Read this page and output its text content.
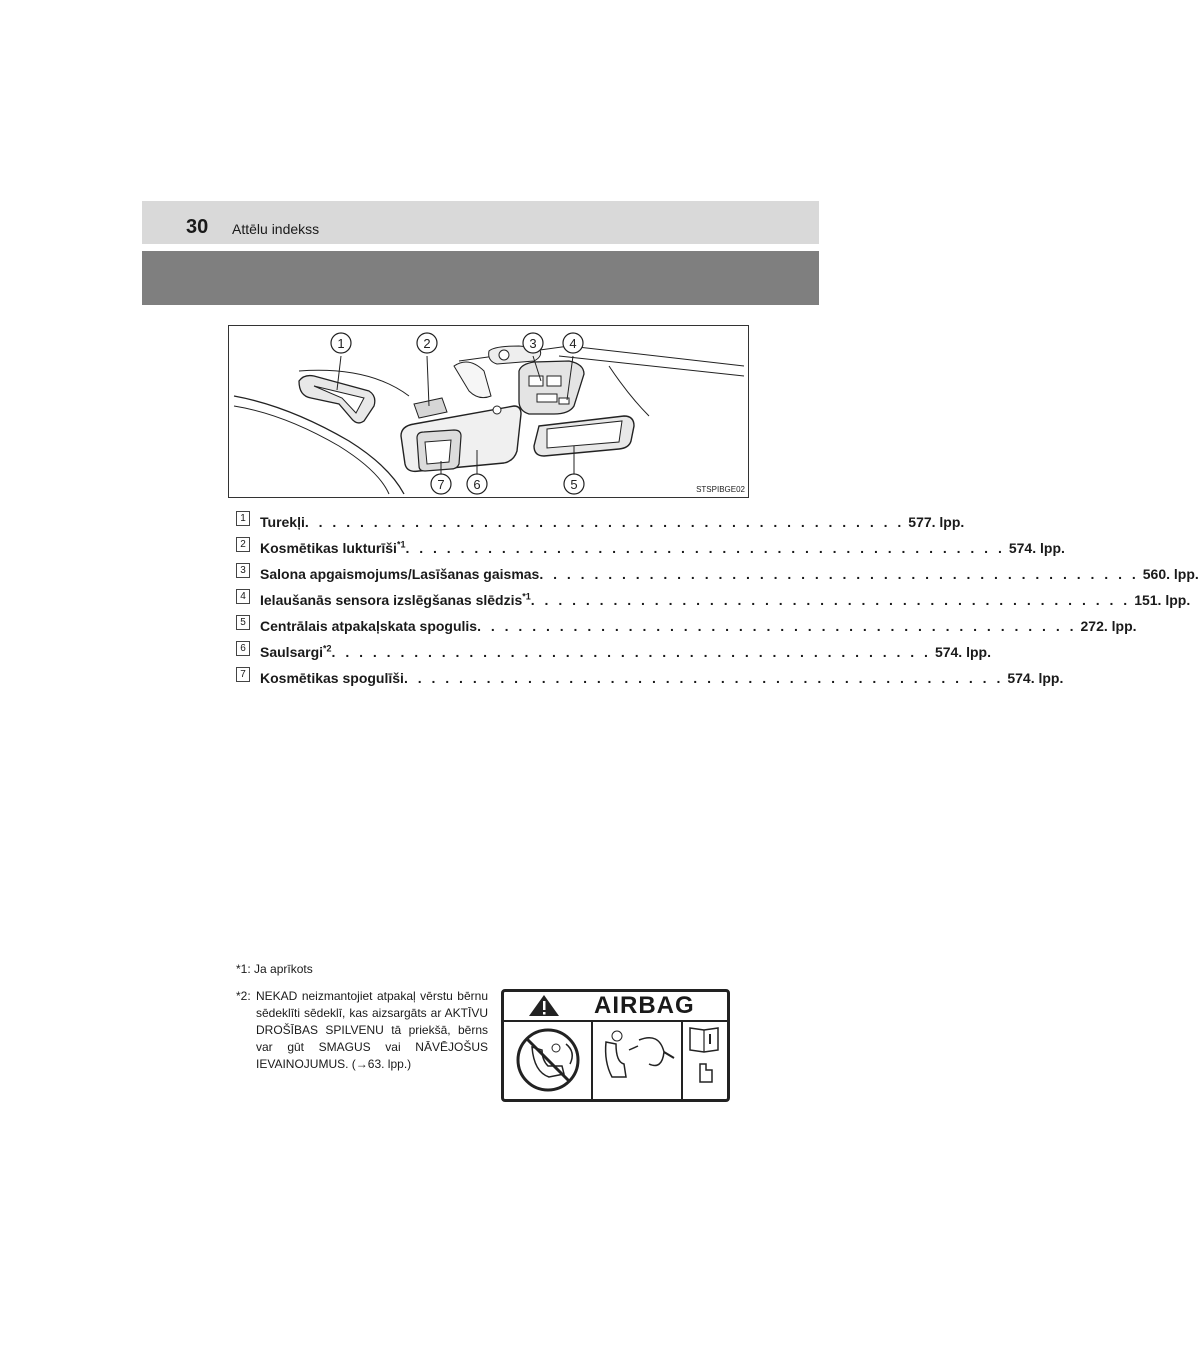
30 Attēlu indekss
1	2	3	4
5
6
7	STSPIBGE02
1	Turekļi . . . . . . . . . . . . . . . . . . . . . . . . . . . . . . . . . . . . . . . . . . . . 577. lpp.
2	Kosmētikas lukturīši$^{*1}$ . . . . . . . . . . . . . . . . . . . . . . . . . . . . . . . . . . . . . . . . . . . . 574. lpp.
3	Salona apgaismojums/Lasīšanas gaismas . . . . . . . . . . . . . . . . . . . . . . . . . . . . . . . . . . . . . . . . . . . . 560. lpp.
4	Ielaušanās sensora izslēgšanas slēdzis$^{*1}$ . . . . . . . . . . . . . . . . . . . . . . . . . . . . . . . . . . . . . . . . . . . . 151. lpp.
5	Centrālais atpakaļskata spogulis . . . . . . . . . . . . . . . . . . . . . . . . . . . . . . . . . . . . . . . . . . . . 272. lpp.
6	Saulsargi$^{*2}$ . . . . . . . . . . . . . . . . . . . . . . . . . . . . . . . . . . . . . . . . . . . . 574. lpp.
7	Kosmētikas spogulīši . . . . . . . . . . . . . . . . . . . . . . . . . . . . . . . . . . . . . . . . . . . . 574. lpp.
*1: Ja aprīkots
*2: NEKAD neizmantojiet atpakaļ vērstu bērnu sēdeklīti sēdeklī, kas aizsargāts ar AKTĪVU DROŠĪBAS SPILVENU tā priekšā, bērns var gūt SMAGUS vai NĀVĒJOŠUS IEVAINOJUMUS. (→63. lpp.)
AIRBAG
